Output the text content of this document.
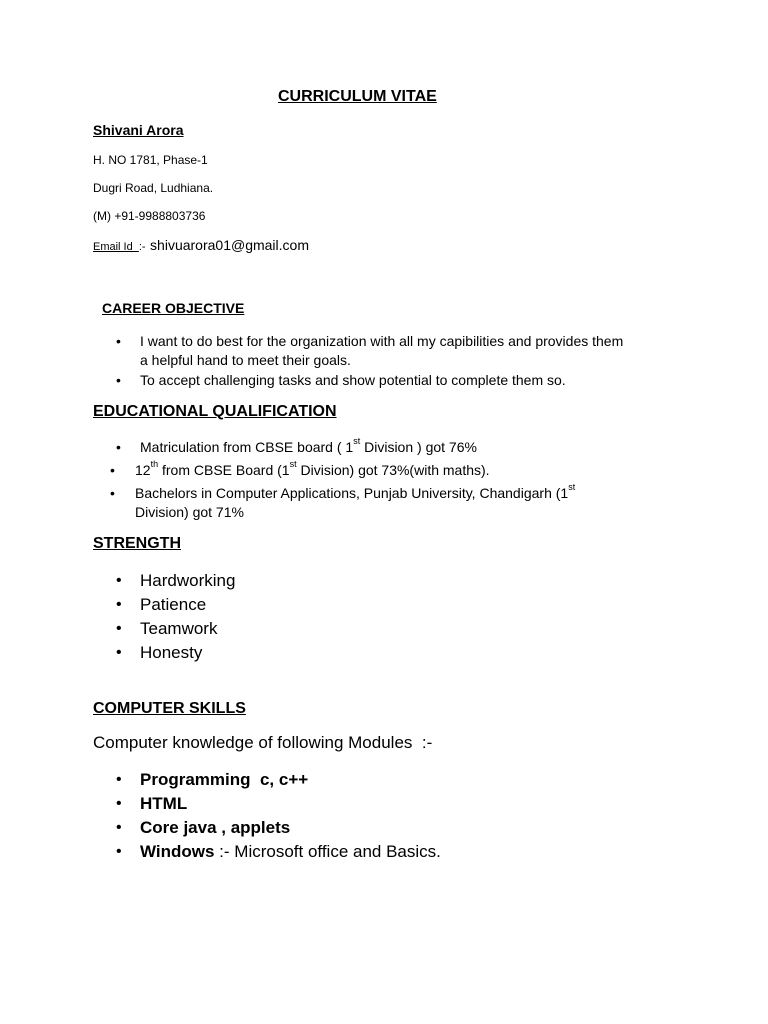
CURRICULUM VITAE
Shivani Arora
H. NO 1781, Phase-1
Dugri Road, Ludhiana.
(M) +91-9988803736
Email Id  :- shivuarora01@gmail.com
CAREER OBJECTIVE
• I want to do best for the organization with all my capibilities and provides them
a helpful hand to meet their goals.
• To accept challenging tasks and show potential to complete them so.
EDUCATIONAL QUALIFICATION
• Matriculation from CBSE board ( 1st Division ) got 76%
• 12th from CBSE Board (1st Division) got 73%(with maths).
• Bachelors in Computer Applications, Punjab University, Chandigarh (1st
Division) got 71%
STRENGTH
• Hardworking
• Patience
• Teamwork
• Honesty
COMPUTER SKILLS
Computer knowledge of following Modules  :-
• Programming  c, c++
• HTML
• Core java , applets
• Windows :- Microsoft office and Basics.
